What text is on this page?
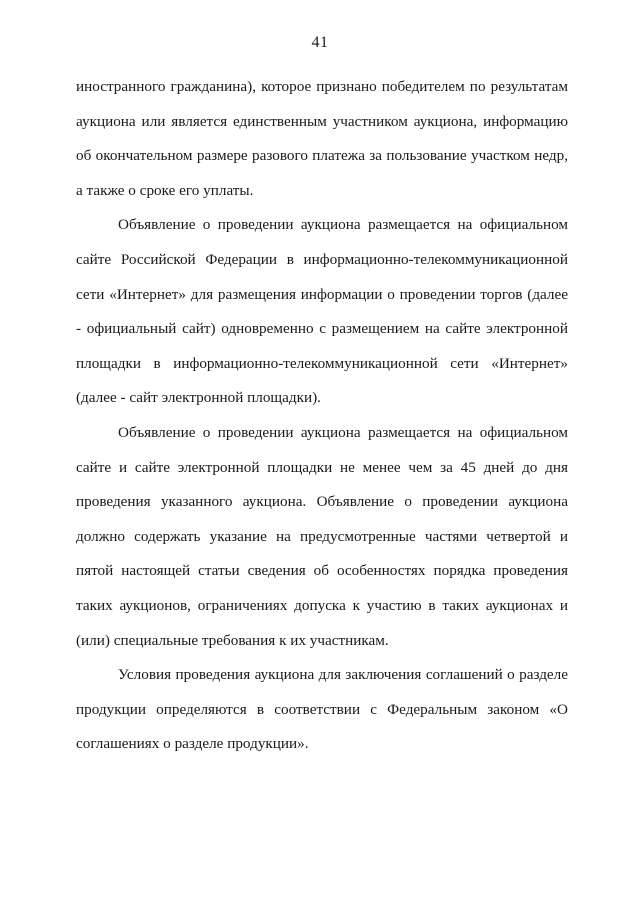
41

иностранного гражданина), которое признано победителем по результатам аукциона или является единственным участником аукциона, информацию об окончательном размере разового платежа за пользование участком недр, а также о сроке его уплаты.

Объявление о проведении аукциона размещается на официальном сайте Российской Федерации в информационно-телекоммуникационной сети «Интернет» для размещения информации о проведении торгов (далее - официальный сайт) одновременно с размещением на сайте электронной площадки в информационно-телекоммуникационной сети «Интернет» (далее - сайт электронной площадки).

Объявление о проведении аукциона размещается на официальном сайте и сайте электронной площадки не менее чем за 45 дней до дня проведения указанного аукциона. Объявление о проведении аукциона должно содержать указание на предусмотренные частями четвертой и пятой настоящей статьи сведения об особенностях порядка проведения таких аукционов, ограничениях допуска к участию в таких аукционах и (или) специальные требования к их участникам.

Условия проведения аукциона для заключения соглашений о разделе продукции определяются в соответствии с Федеральным законом «О соглашениях о разделе продукции».
